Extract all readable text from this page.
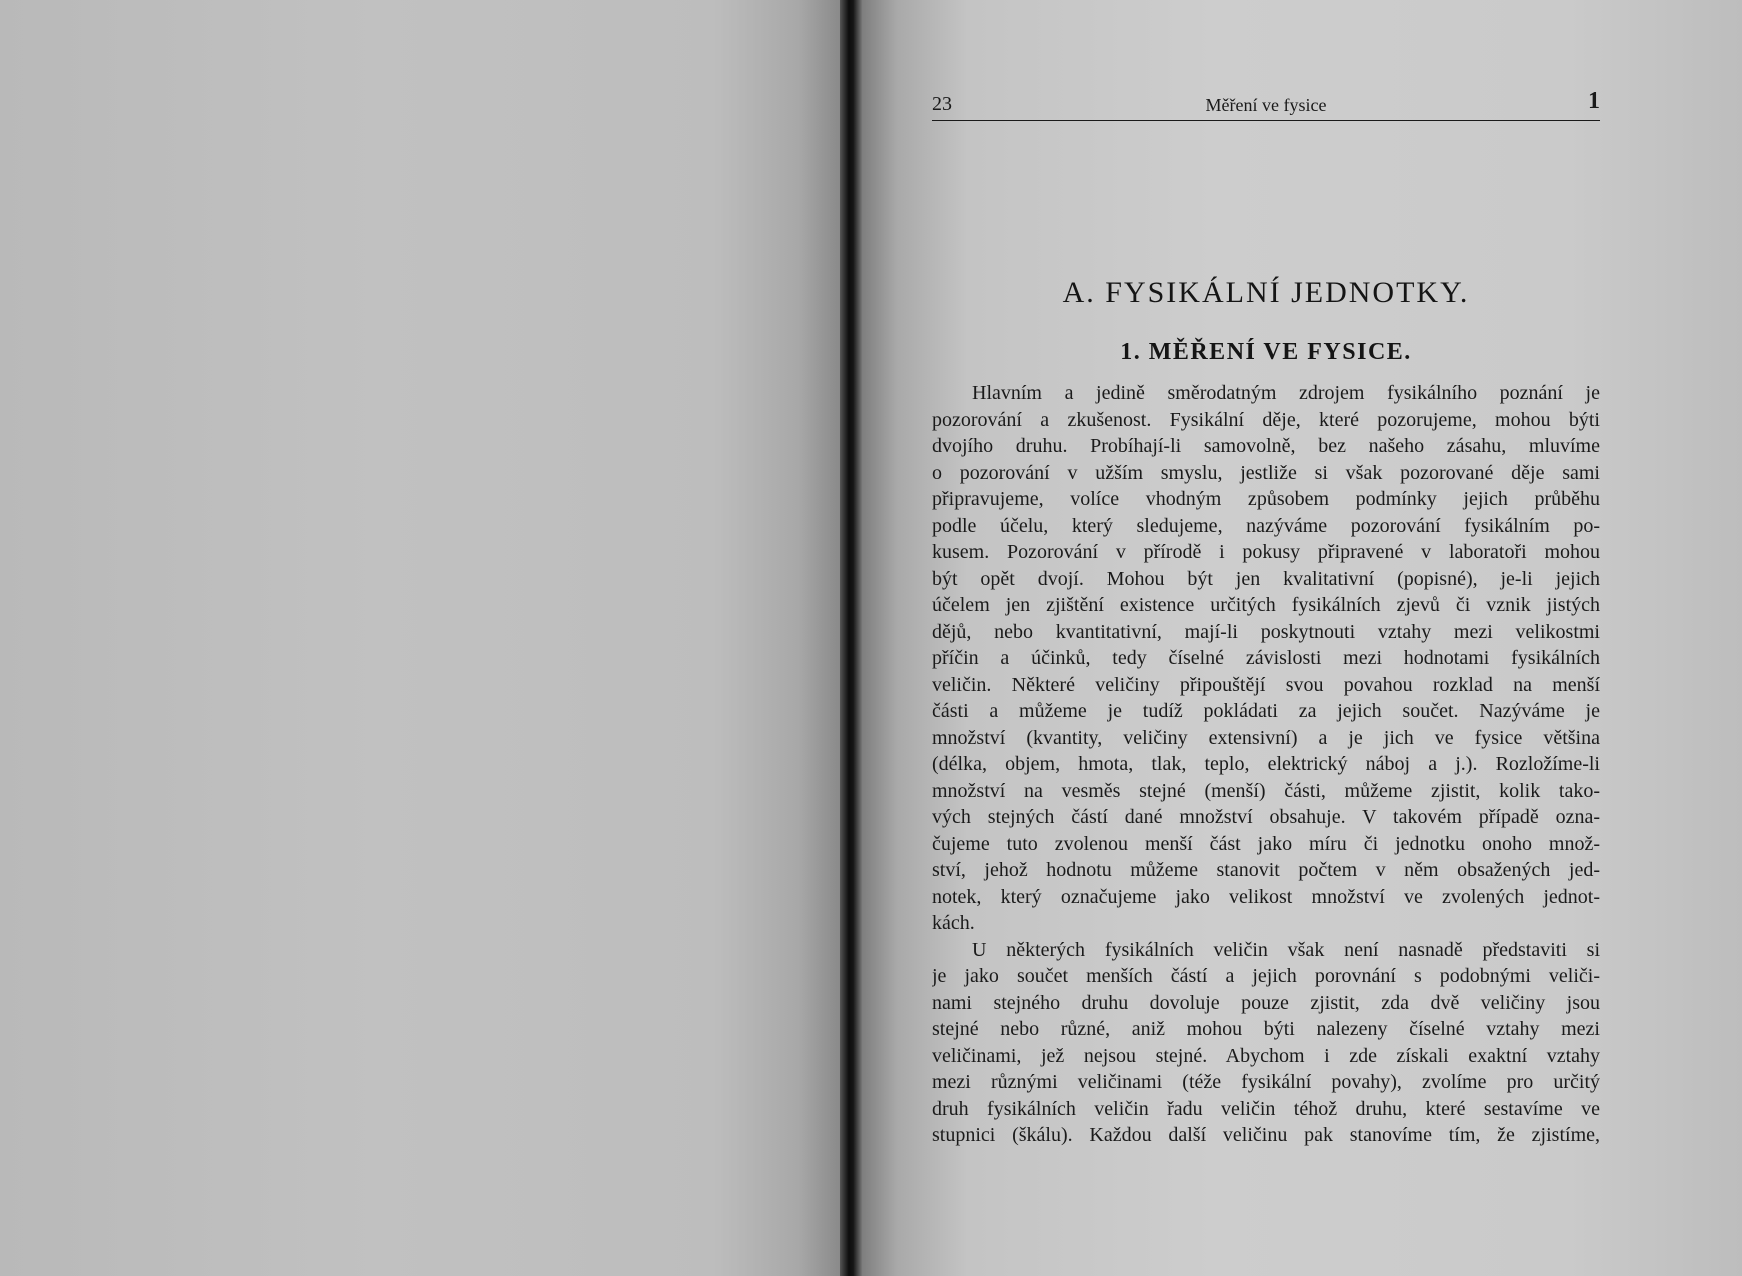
23	Měření ve fysice	1
A. FYSIKÁLNÍ JEDNOTKY.
1. MĚŘENÍ VE FYSICE.
Hlavním a jedině směrodatným zdrojem fysikálního poznání je
pozorování a zkušenost. Fysikální děje, které pozorujeme, mohou býti
dvojího druhu. Probíhají-li samovolně, bez našeho zásahu, mluvíme
o pozorování v užším smyslu, jestliže si však pozorované děje sami
připravujeme, volíce vhodným způsobem podmínky jejich průběhu
podle účelu, který sledujeme, nazýváme pozorování fysikálním po-
kusem. Pozorování v přírodě i pokusy připravené v laboratoři mohou
být opět dvojí. Mohou být jen kvalitativní (popisné), je-li jejich
účelem jen zjištění existence určitých fysikálních zjevů či vznik jistých
dějů, nebo kvantitativní, mají-li poskytnouti vztahy mezi velikostmi
příčin a účinků, tedy číselné závislosti mezi hodnotami fysikálních
veličin. Některé veličiny připouštějí svou povahou rozklad na menší
části a můžeme je tudíž pokládati za jejich součet. Nazýváme je
množství (kvantity, veličiny extensivní) a je jich ve fysice většina
(délka, objem, hmota, tlak, teplo, elektrický náboj a j.). Rozložíme-li
množství na vesměs stejné (menší) části, můžeme zjistit, kolik tako-
vých stejných částí dané množství obsahuje. V takovém případě ozna-
čujeme tuto zvolenou menší část jako míru či jednotku onoho množ-
ství, jehož hodnotu můžeme stanovit počtem v něm obsažených jed-
notek, který označujeme jako velikost množství ve zvolených jednot-
kách.
U některých fysikálních veličin však není nasnadě představiti si
je jako součet menších částí a jejich porovnání s podobnými veliči-
nami stejného druhu dovoluje pouze zjistit, zda dvě veličiny jsou
stejné nebo různé, aniž mohou býti nalezeny číselné vztahy mezi
veličinami, jež nejsou stejné. Abychom i zde získali exaktní vztahy
mezi různými veličinami (téže fysikální povahy), zvolíme pro určitý
druh fysikálních veličin řadu veličin téhož druhu, které sestavíme ve
stupnici (škálu). Každou další veličinu pak stanovíme tím, že zjistíme,
